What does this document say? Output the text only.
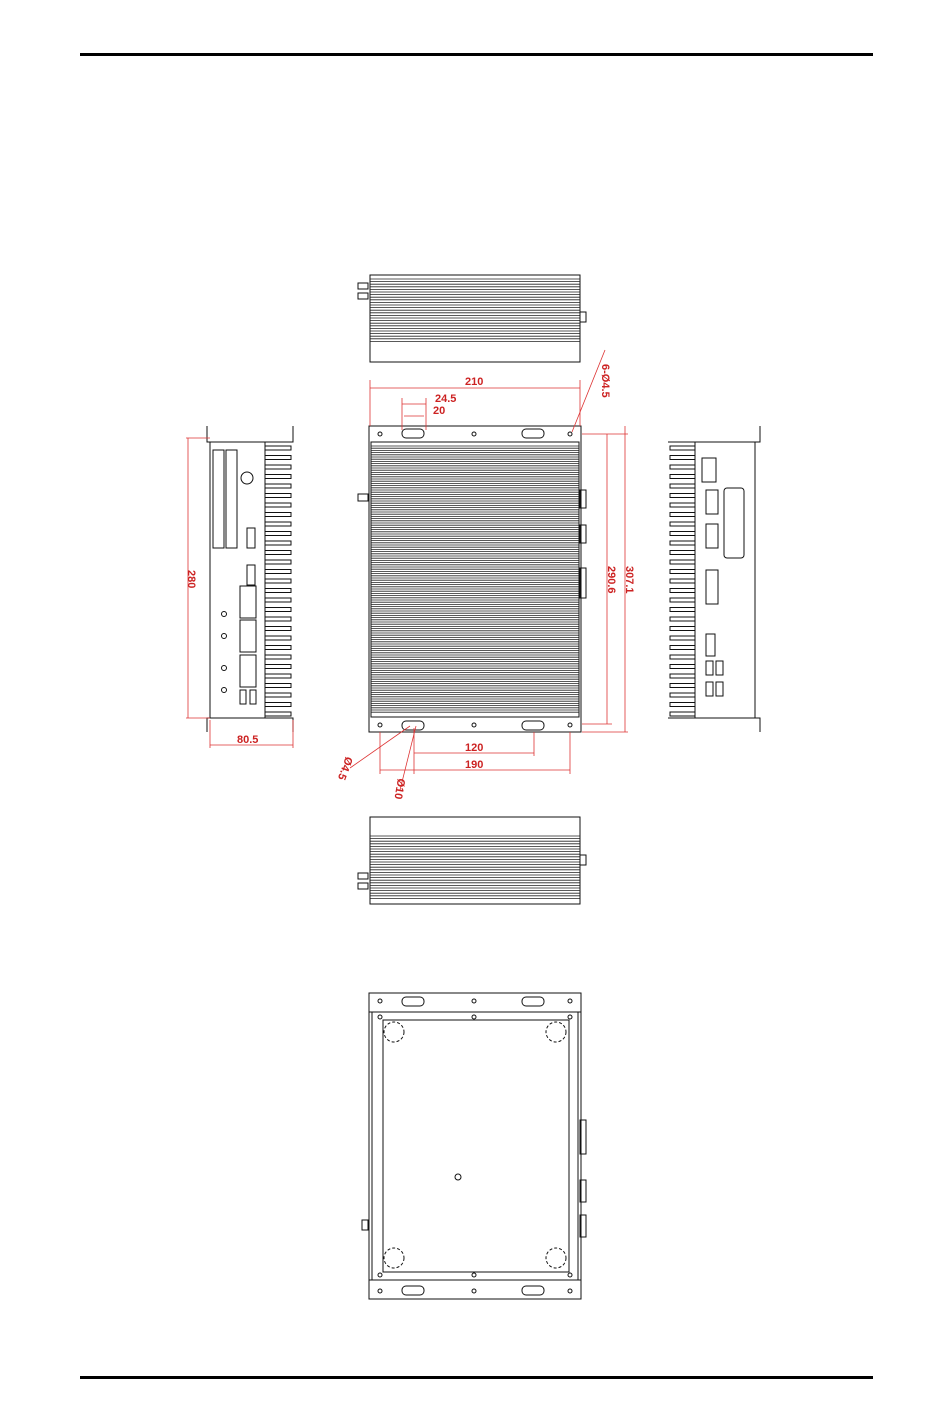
210
24.5
20
6-Ø4.5
290.6 307.1
280
80.5
120
190
Ø4.5
Ø10
